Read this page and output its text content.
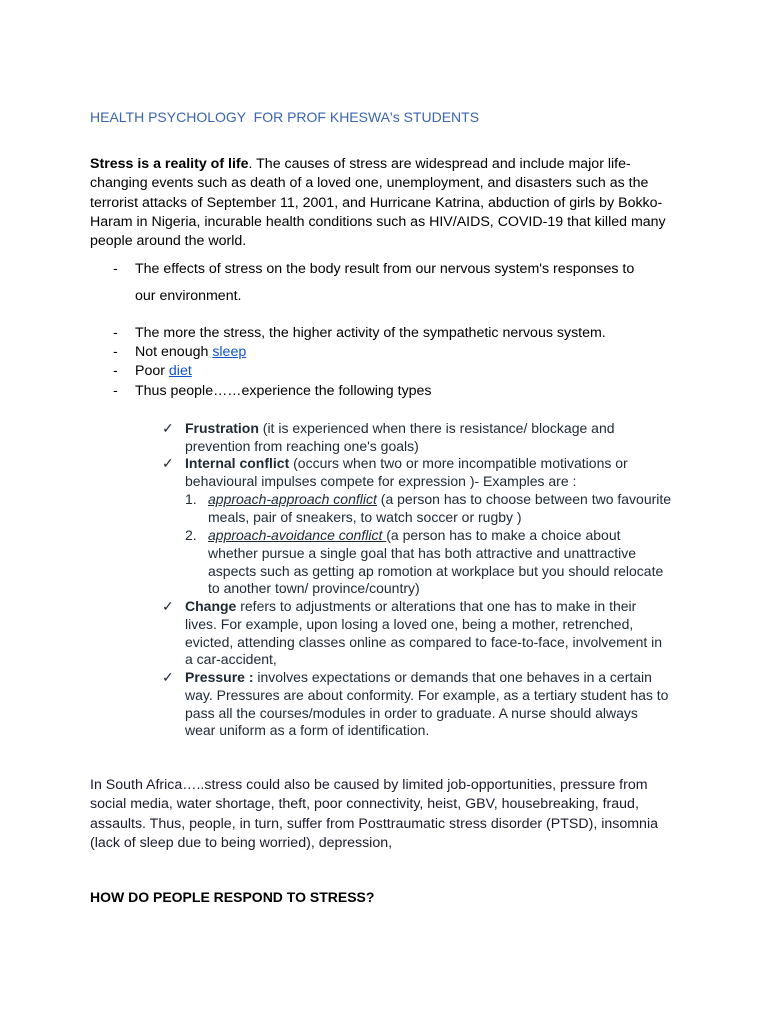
HEALTH PSYCHOLOGY  FOR PROF KHESWA's STUDENTS
Stress is a reality of life. The causes of stress are widespread and include major life-changing events such as death of a loved one, unemployment, and disasters such as the terrorist attacks of September 11, 2001, and Hurricane Katrina, abduction of girls by Bokko-Haram in Nigeria, incurable health conditions such as HIV/AIDS, COVID-19 that killed many people around the world.
- The effects of stress on the body result from our nervous system's responses to
our environment.
- The more the stress, the higher activity of the sympathetic nervous system.
- Not enough sleep
- Poor diet
- Thus people……experience the following types
✓ Frustration (it is experienced when there is resistance/ blockage and prevention from reaching one's goals)
✓ Internal conflict (occurs when two or more incompatible motivations or behavioural impulses compete for expression )- Examples are :
1. approach-approach conflict (a person has to choose between two favourite meals, pair of sneakers, to watch soccer or rugby )
2. approach-avoidance conflict (a person has to make a choice about whether pursue a single goal that has both attractive and unattractive aspects such as getting ap romotion at workplace but you should relocate to another town/ province/country)
✓ Change refers to adjustments or alterations that one has to make in their lives. For example, upon losing a loved one, being a mother, retrenched, evicted, attending classes online as compared to face-to-face, involvement in a car-accident,
✓ Pressure : involves expectations or demands that one behaves in a certain way. Pressures are about conformity. For example, as a tertiary student has to pass all the courses/modules in order to graduate. A nurse should always wear uniform as a form of identification.
In South Africa…..stress could also be caused by limited job-opportunities, pressure from social media, water shortage, theft, poor connectivity, heist, GBV, housebreaking, fraud, assaults. Thus, people, in turn, suffer from Posttraumatic stress disorder (PTSD), insomnia (lack of sleep due to being worried), depression,
HOW DO PEOPLE RESPOND TO STRESS?
